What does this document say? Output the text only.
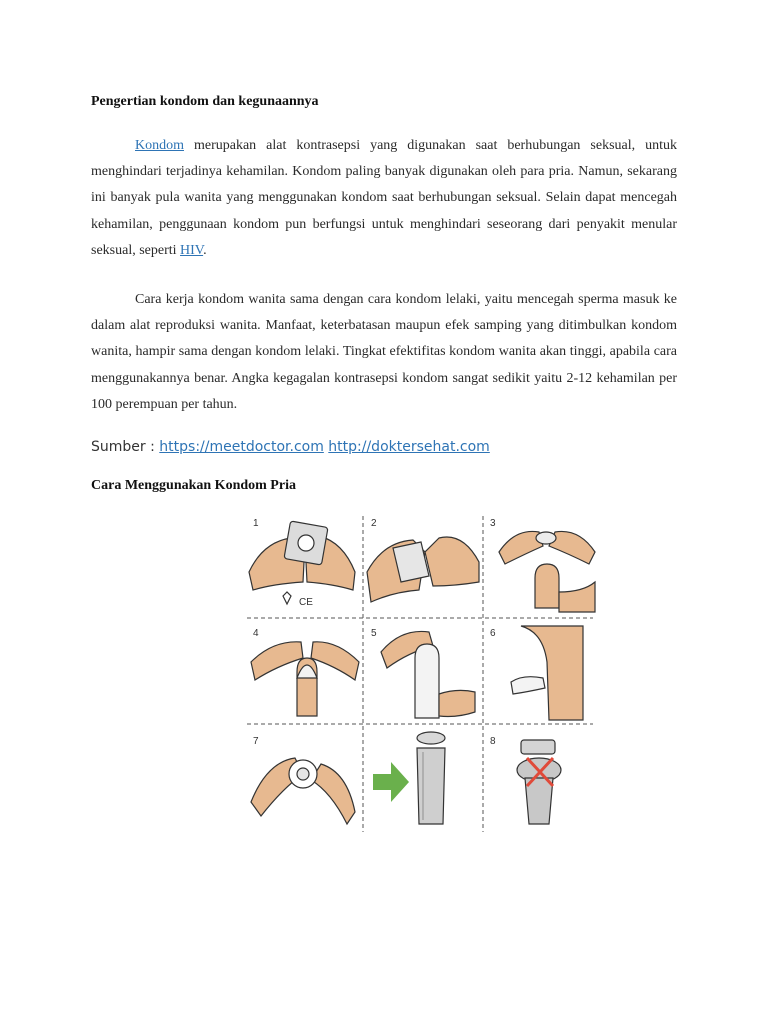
Pengertian kondom dan kegunaannya

Kondom merupakan alat kontrasepsi yang digunakan saat berhubungan seksual, untuk menghindari terjadinya kehamilan. Kondom paling banyak digunakan oleh para pria. Namun, sekarang ini banyak pula wanita yang menggunakan kondom saat berhubungan seksual. Selain dapat mencegah kehamilan, penggunaan kondom pun berfungsi untuk menghindari seseorang dari penyakit menular seksual, seperti HIV.

Cara kerja kondom wanita sama dengan cara kondom lelaki, yaitu mencegah sperma masuk ke dalam alat reproduksi wanita. Manfaat, keterbatasan maupun efek samping yang ditimbulkan kondom wanita, hampir sama dengan kondom lelaki. Tingkat efektifitas kondom wanita akan tinggi, apabila cara menggunakannya benar. Angka kegagalan kontrasepsi kondom sangat sedikit yaitu 2-12 kehamilan per 100 perempuan per tahun.

Sumber : https://meetdoctor.com http://doktersehat.com
Cara Menggunakan Kondom Pria
1	2	3
4	5	6
7	8
CE
